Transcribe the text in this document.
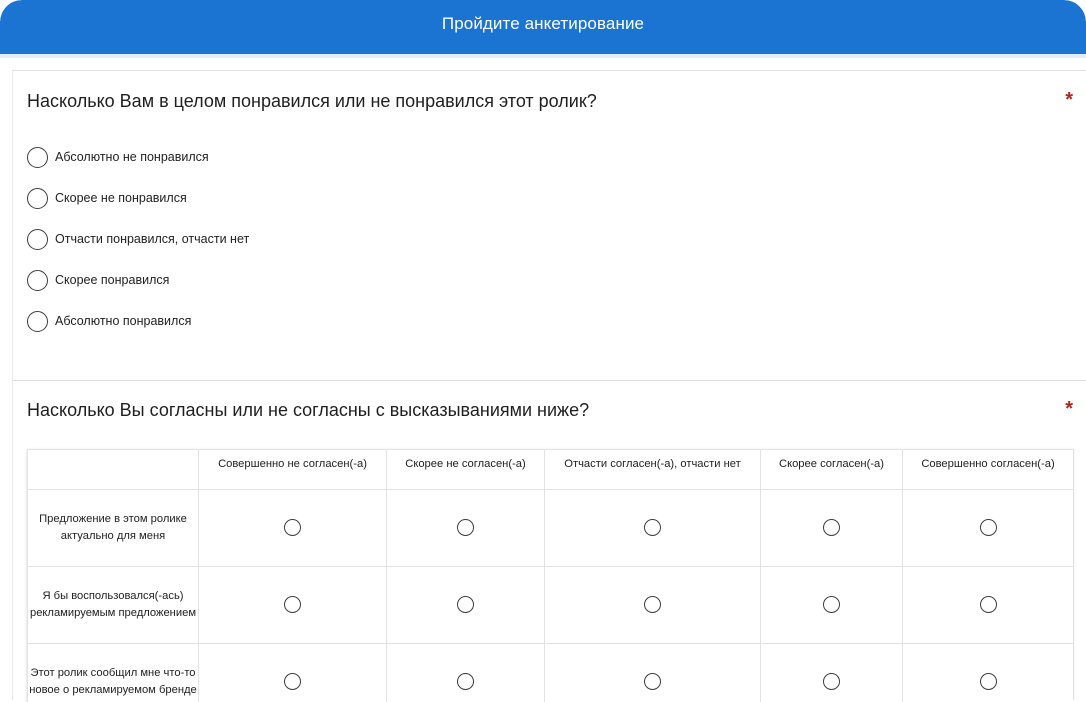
Пройдите анкетирование
Насколько Вам в целом понравился или не понравился этот ролик?	*
Абсолютно не понравился
Скорее не понравился
Отчасти понравился, отчасти нет
Скорее понравился
Абсолютно понравился
Насколько Вы согласны или не согласны с высказываниями ниже?	*
	Совершенно не согласен(-а)	Скорее не согласен(-а)	Отчасти согласен(-а), отчасти нет	Скорее согласен(-а)	Совершенно согласен(-а)
Предложение в этом ролике актуально для меня					
Я бы воспользовался(-ась) рекламируемым предложением					
Этот ролик сообщил мне что-то новое о рекламируемом бренде					
